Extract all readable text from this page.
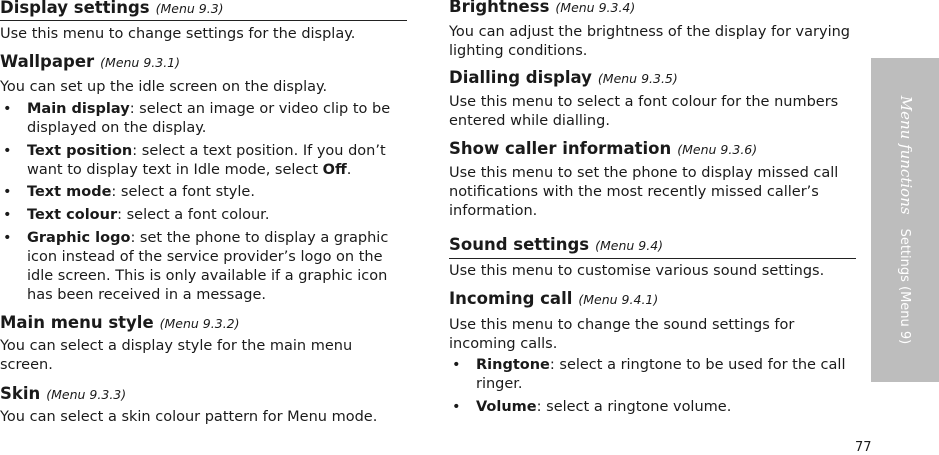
Display settings (Menu 9.3)
Use this menu to change settings for the display.
Wallpaper (Menu 9.3.1)
You can set up the idle screen on the display.
• Main display: select an image or video clip to be displayed on the display.
• Text position: select a text position. If you don’t want to display text in Idle mode, select Off.
• Text mode: select a font style.
• Text colour: select a font colour.
• Graphic logo: set the phone to display a graphic icon instead of the service provider’s logo on the idle screen. This is only available if a graphic icon has been received in a message.
Main menu style (Menu 9.3.2)
You can select a display style for the main menu screen.
Skin (Menu 9.3.3)
You can select a skin colour pattern for Menu mode.
Brightness (Menu 9.3.4)
You can adjust the brightness of the display for varying lighting conditions.
Dialling display (Menu 9.3.5)
Use this menu to select a font colour for the numbers entered while dialling.
Show caller information (Menu 9.3.6)
Use this menu to set the phone to display missed call notifications with the most recently missed caller’s information.
Sound settings (Menu 9.4)
Use this menu to customise various sound settings.
Incoming call (Menu 9.4.1)
Use this menu to change the sound settings for incoming calls.
• Ringtone: select a ringtone to be used for the call ringer.
• Volume: select a ringtone volume.
Menu functionsSettings (Menu 9)
77
